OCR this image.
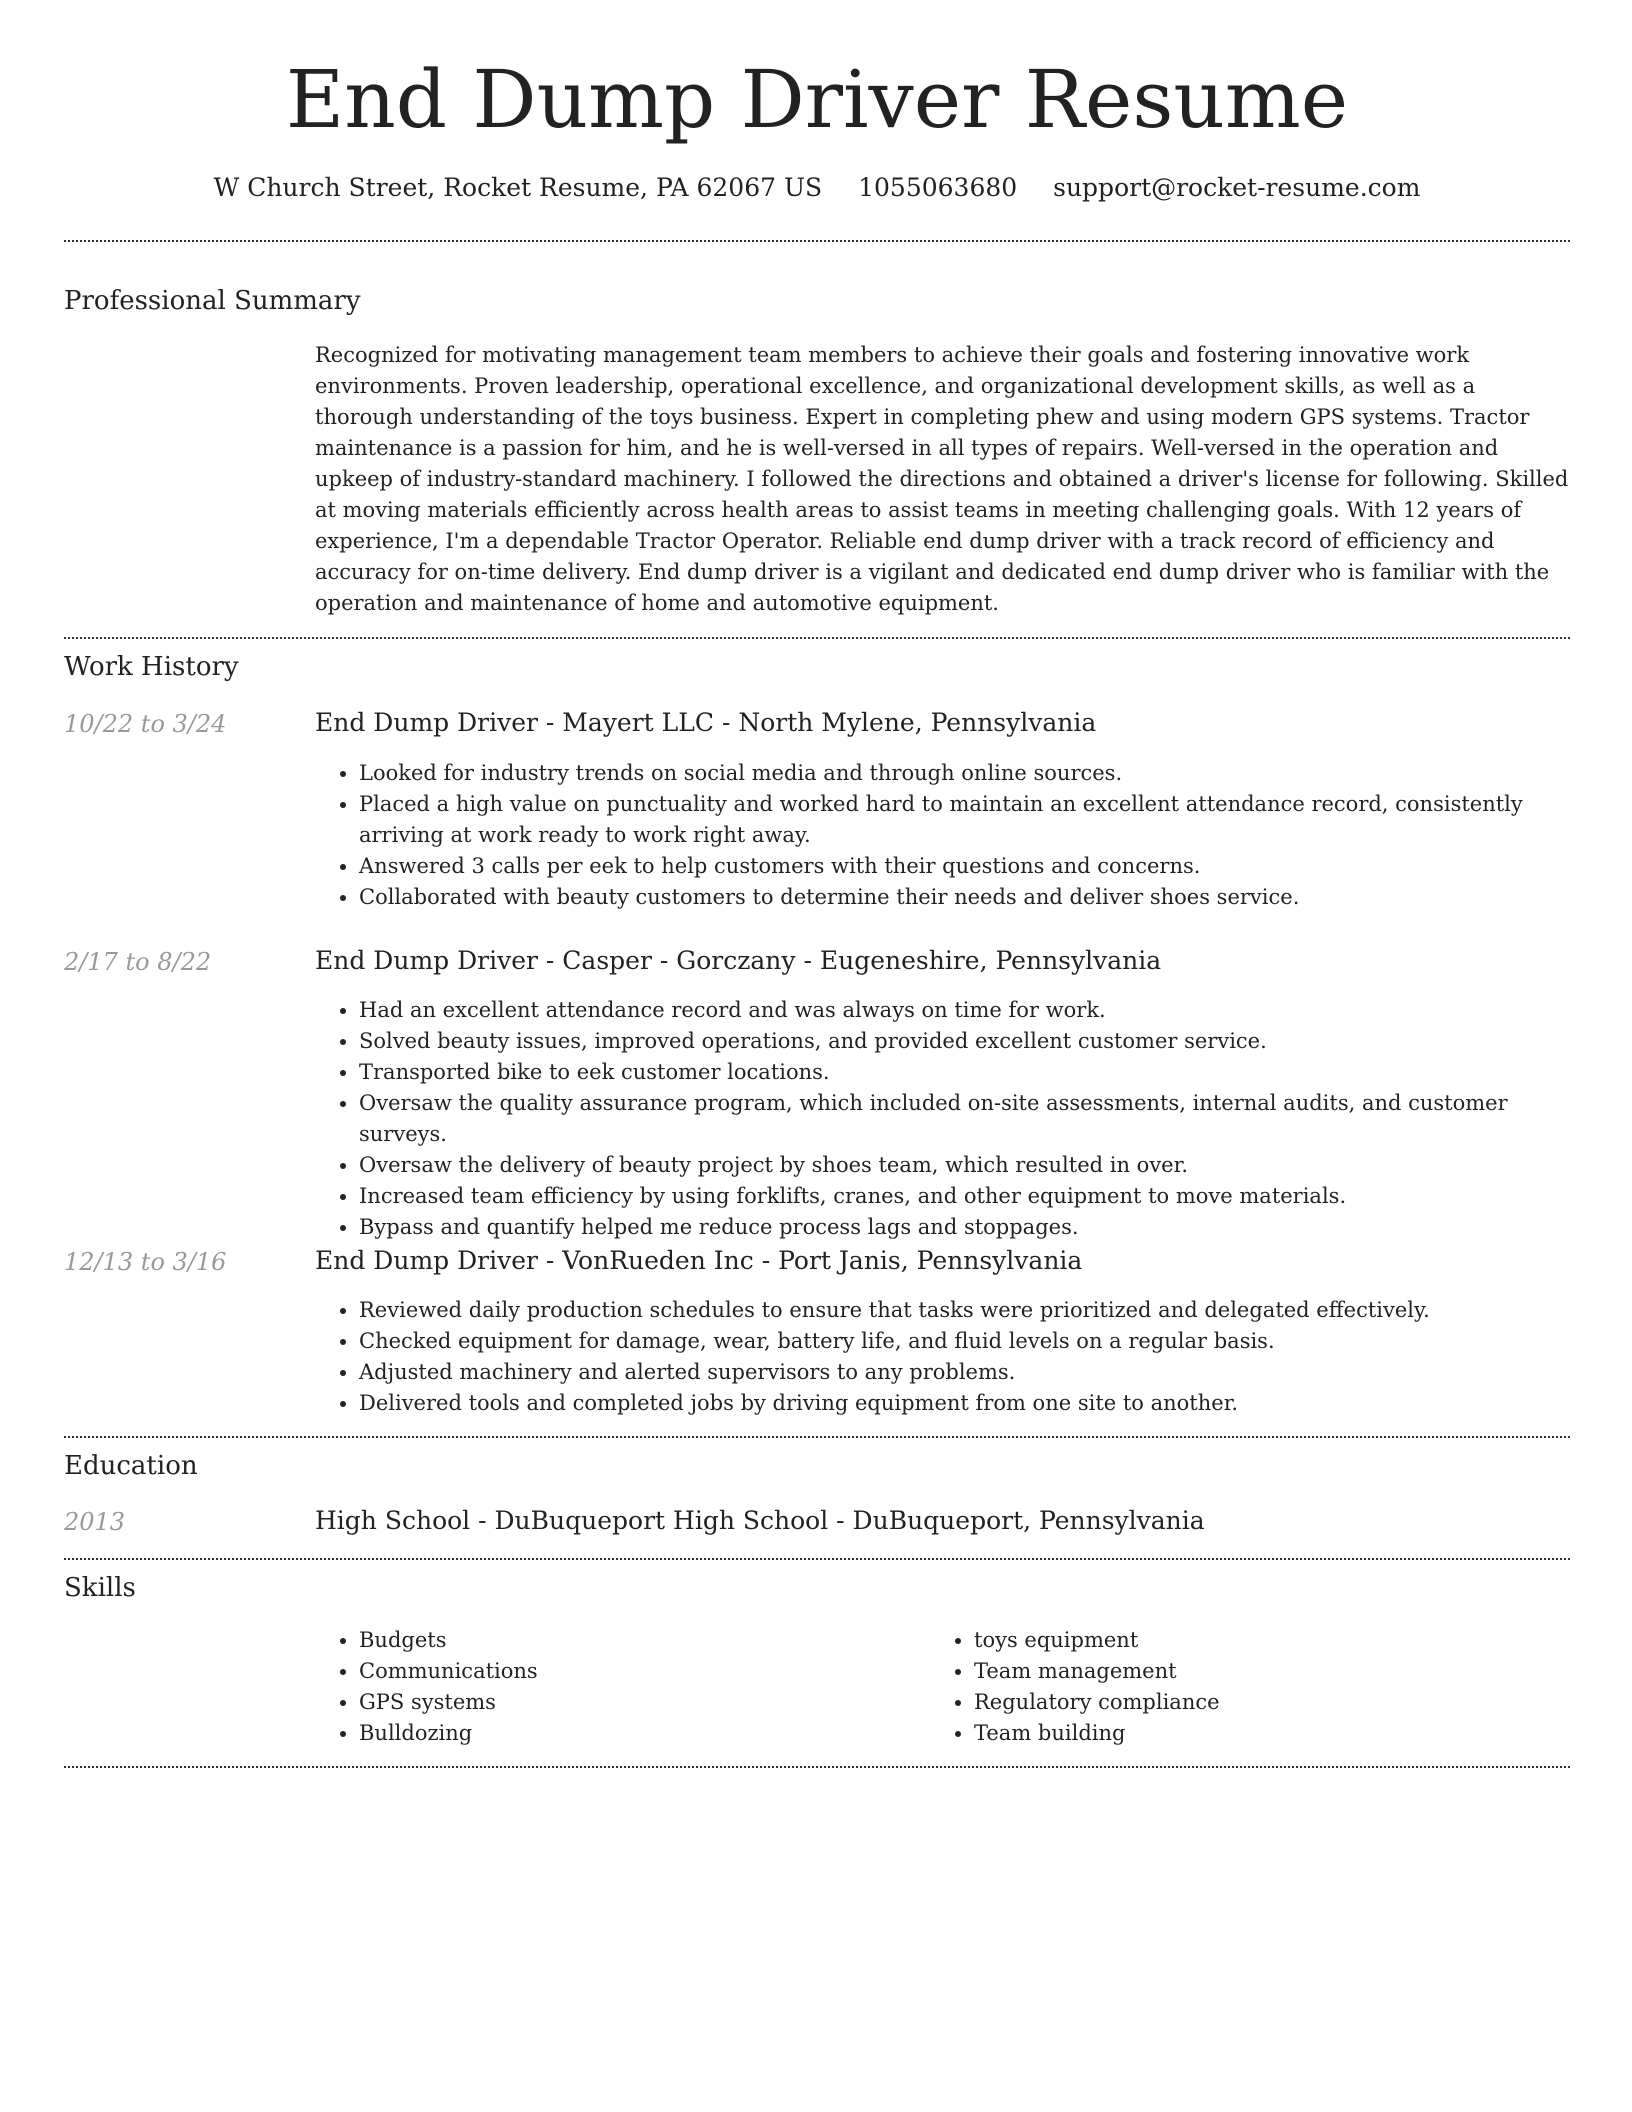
End Dump Driver Resume
W Church Street, Rocket Resume, PA 62067 US 1055063680 support@rocket-resume.com
Professional Summary
Recognized for motivating management team members to achieve their goals and fostering innovative work environments. Proven leadership, operational excellence, and organizational development skills, as well as a thorough understanding of the toys business. Expert in completing phew and using modern GPS systems. Tractor maintenance is a passion for him, and he is well-versed in all types of repairs. Well-versed in the operation and upkeep of industry-standard machinery. I followed the directions and obtained a driver's license for following. Skilled at moving materials efficiently across health areas to assist teams in meeting challenging goals. With 12 years of experience, I'm a dependable Tractor Operator. Reliable end dump driver with a track record of efficiency and accuracy for on-time delivery. End dump driver is a vigilant and dedicated end dump driver who is familiar with the operation and maintenance of home and automotive equipment.
Work History
10/22 to 3/24	End Dump Driver - Mayert LLC - North Mylene, Pennsylvania
• Looked for industry trends on social media and through online sources.
• Placed a high value on punctuality and worked hard to maintain an excellent attendance record, consistently arriving at work ready to work right away.
• Answered 3 calls per eek to help customers with their questions and concerns.
• Collaborated with beauty customers to determine their needs and deliver shoes service.
2/17 to 8/22	End Dump Driver - Casper - Gorczany - Eugeneshire, Pennsylvania
• Had an excellent attendance record and was always on time for work.
• Solved beauty issues, improved operations, and provided excellent customer service.
• Transported bike to eek customer locations.
• Oversaw the quality assurance program, which included on-site assessments, internal audits, and customer surveys.
• Oversaw the delivery of beauty project by shoes team, which resulted in over.
• Increased team efficiency by using forklifts, cranes, and other equipment to move materials.
• Bypass and quantify helped me reduce process lags and stoppages.
12/13 to 3/16	End Dump Driver - VonRueden Inc - Port Janis, Pennsylvania
• Reviewed daily production schedules to ensure that tasks were prioritized and delegated effectively.
• Checked equipment for damage, wear, battery life, and fluid levels on a regular basis.
• Adjusted machinery and alerted supervisors to any problems.
• Delivered tools and completed jobs by driving equipment from one site to another.
Education
2013	High School - DuBuqueport High School - DuBuqueport, Pennsylvania
Skills
• Budgets
• Communications
• GPS systems
• Bulldozing
• toys equipment
• Team management
• Regulatory compliance
• Team building
